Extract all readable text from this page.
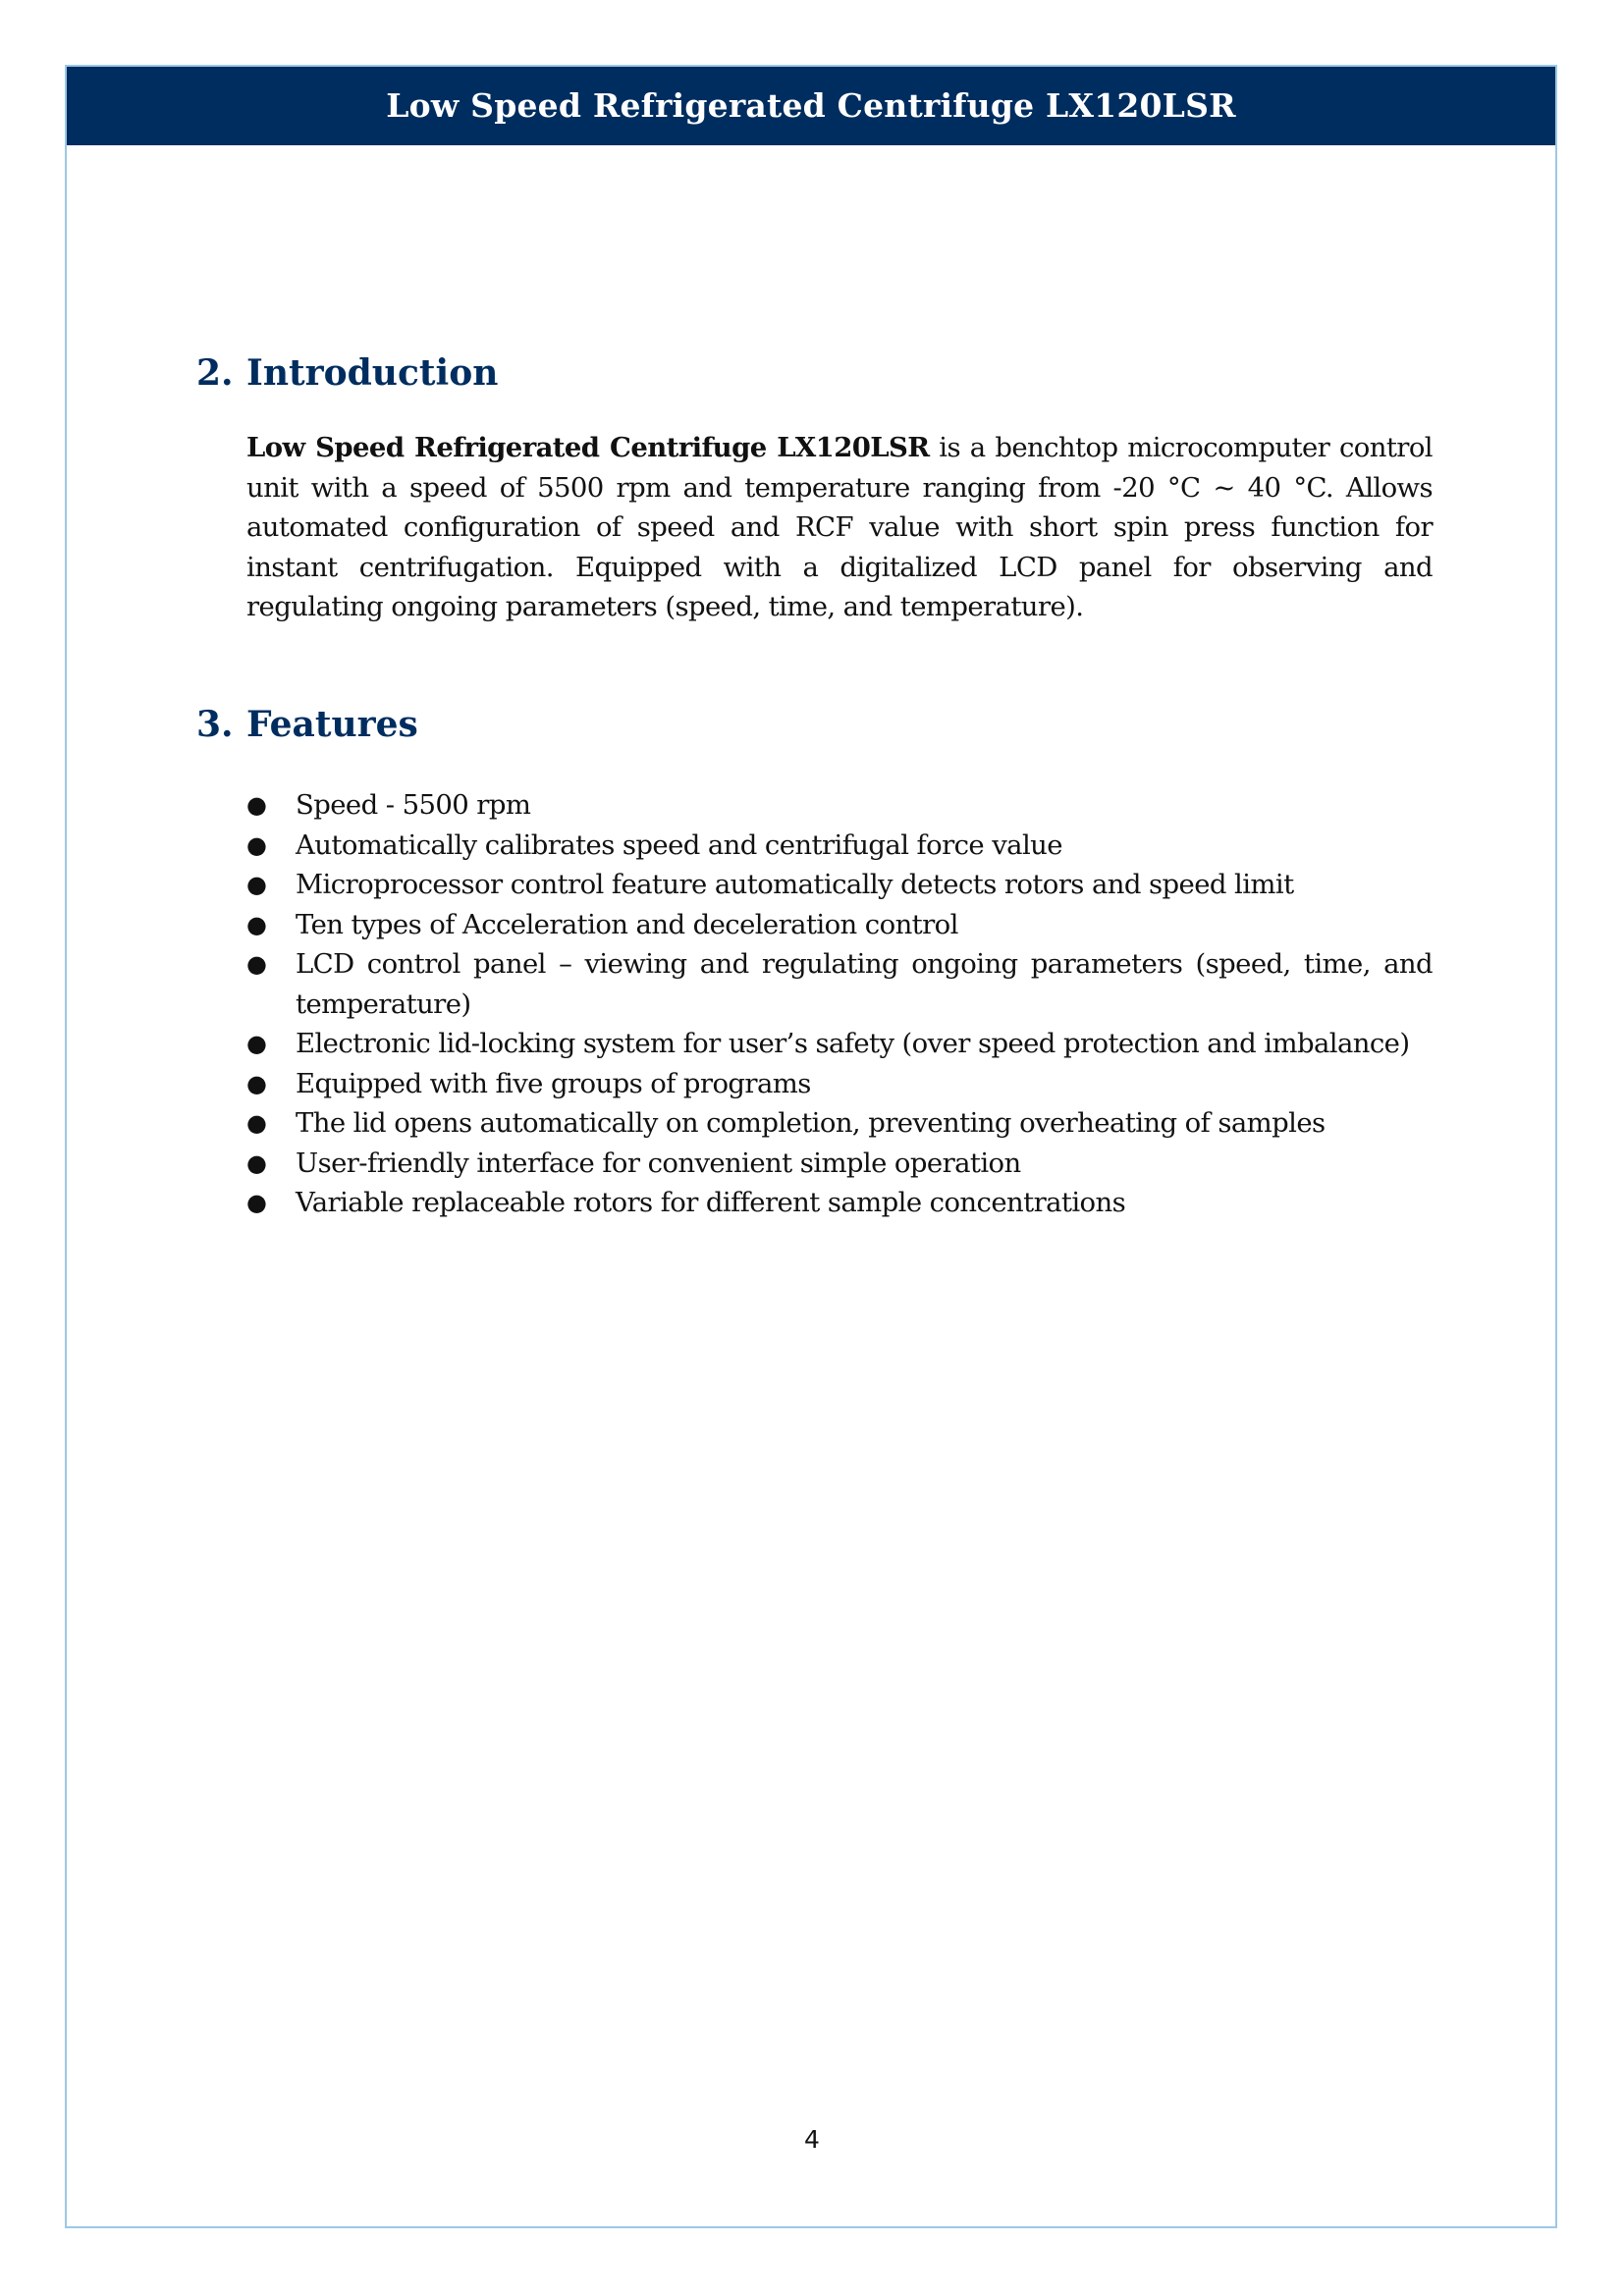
Low Speed Refrigerated Centrifuge LX120LSR
2. Introduction

Low Speed Refrigerated Centrifuge LX120LSR is a benchtop microcomputer control unit with a speed of 5500 rpm and temperature ranging from -20 °C ~ 40 °C. Allows automated configuration of speed and RCF value with short spin press function for instant centrifugation. Equipped with a digitalized LCD panel for observing and regulating ongoing parameters (speed, time, and temperature).

3. Features
●	Speed - 5500 rpm
●	Automatically calibrates speed and centrifugal force value
●	Microprocessor control feature automatically detects rotors and speed limit
●	Ten types of Acceleration and deceleration control
●	LCD control panel – viewing and regulating ongoing parameters (speed, time, and temperature)
●	Electronic lid-locking system for user’s safety (over speed protection and imbalance)
●	Equipped with five groups of programs
●	The lid opens automatically on completion, preventing overheating of samples
●	User-friendly interface for convenient simple operation
●	Variable replaceable rotors for different sample concentrations
4
